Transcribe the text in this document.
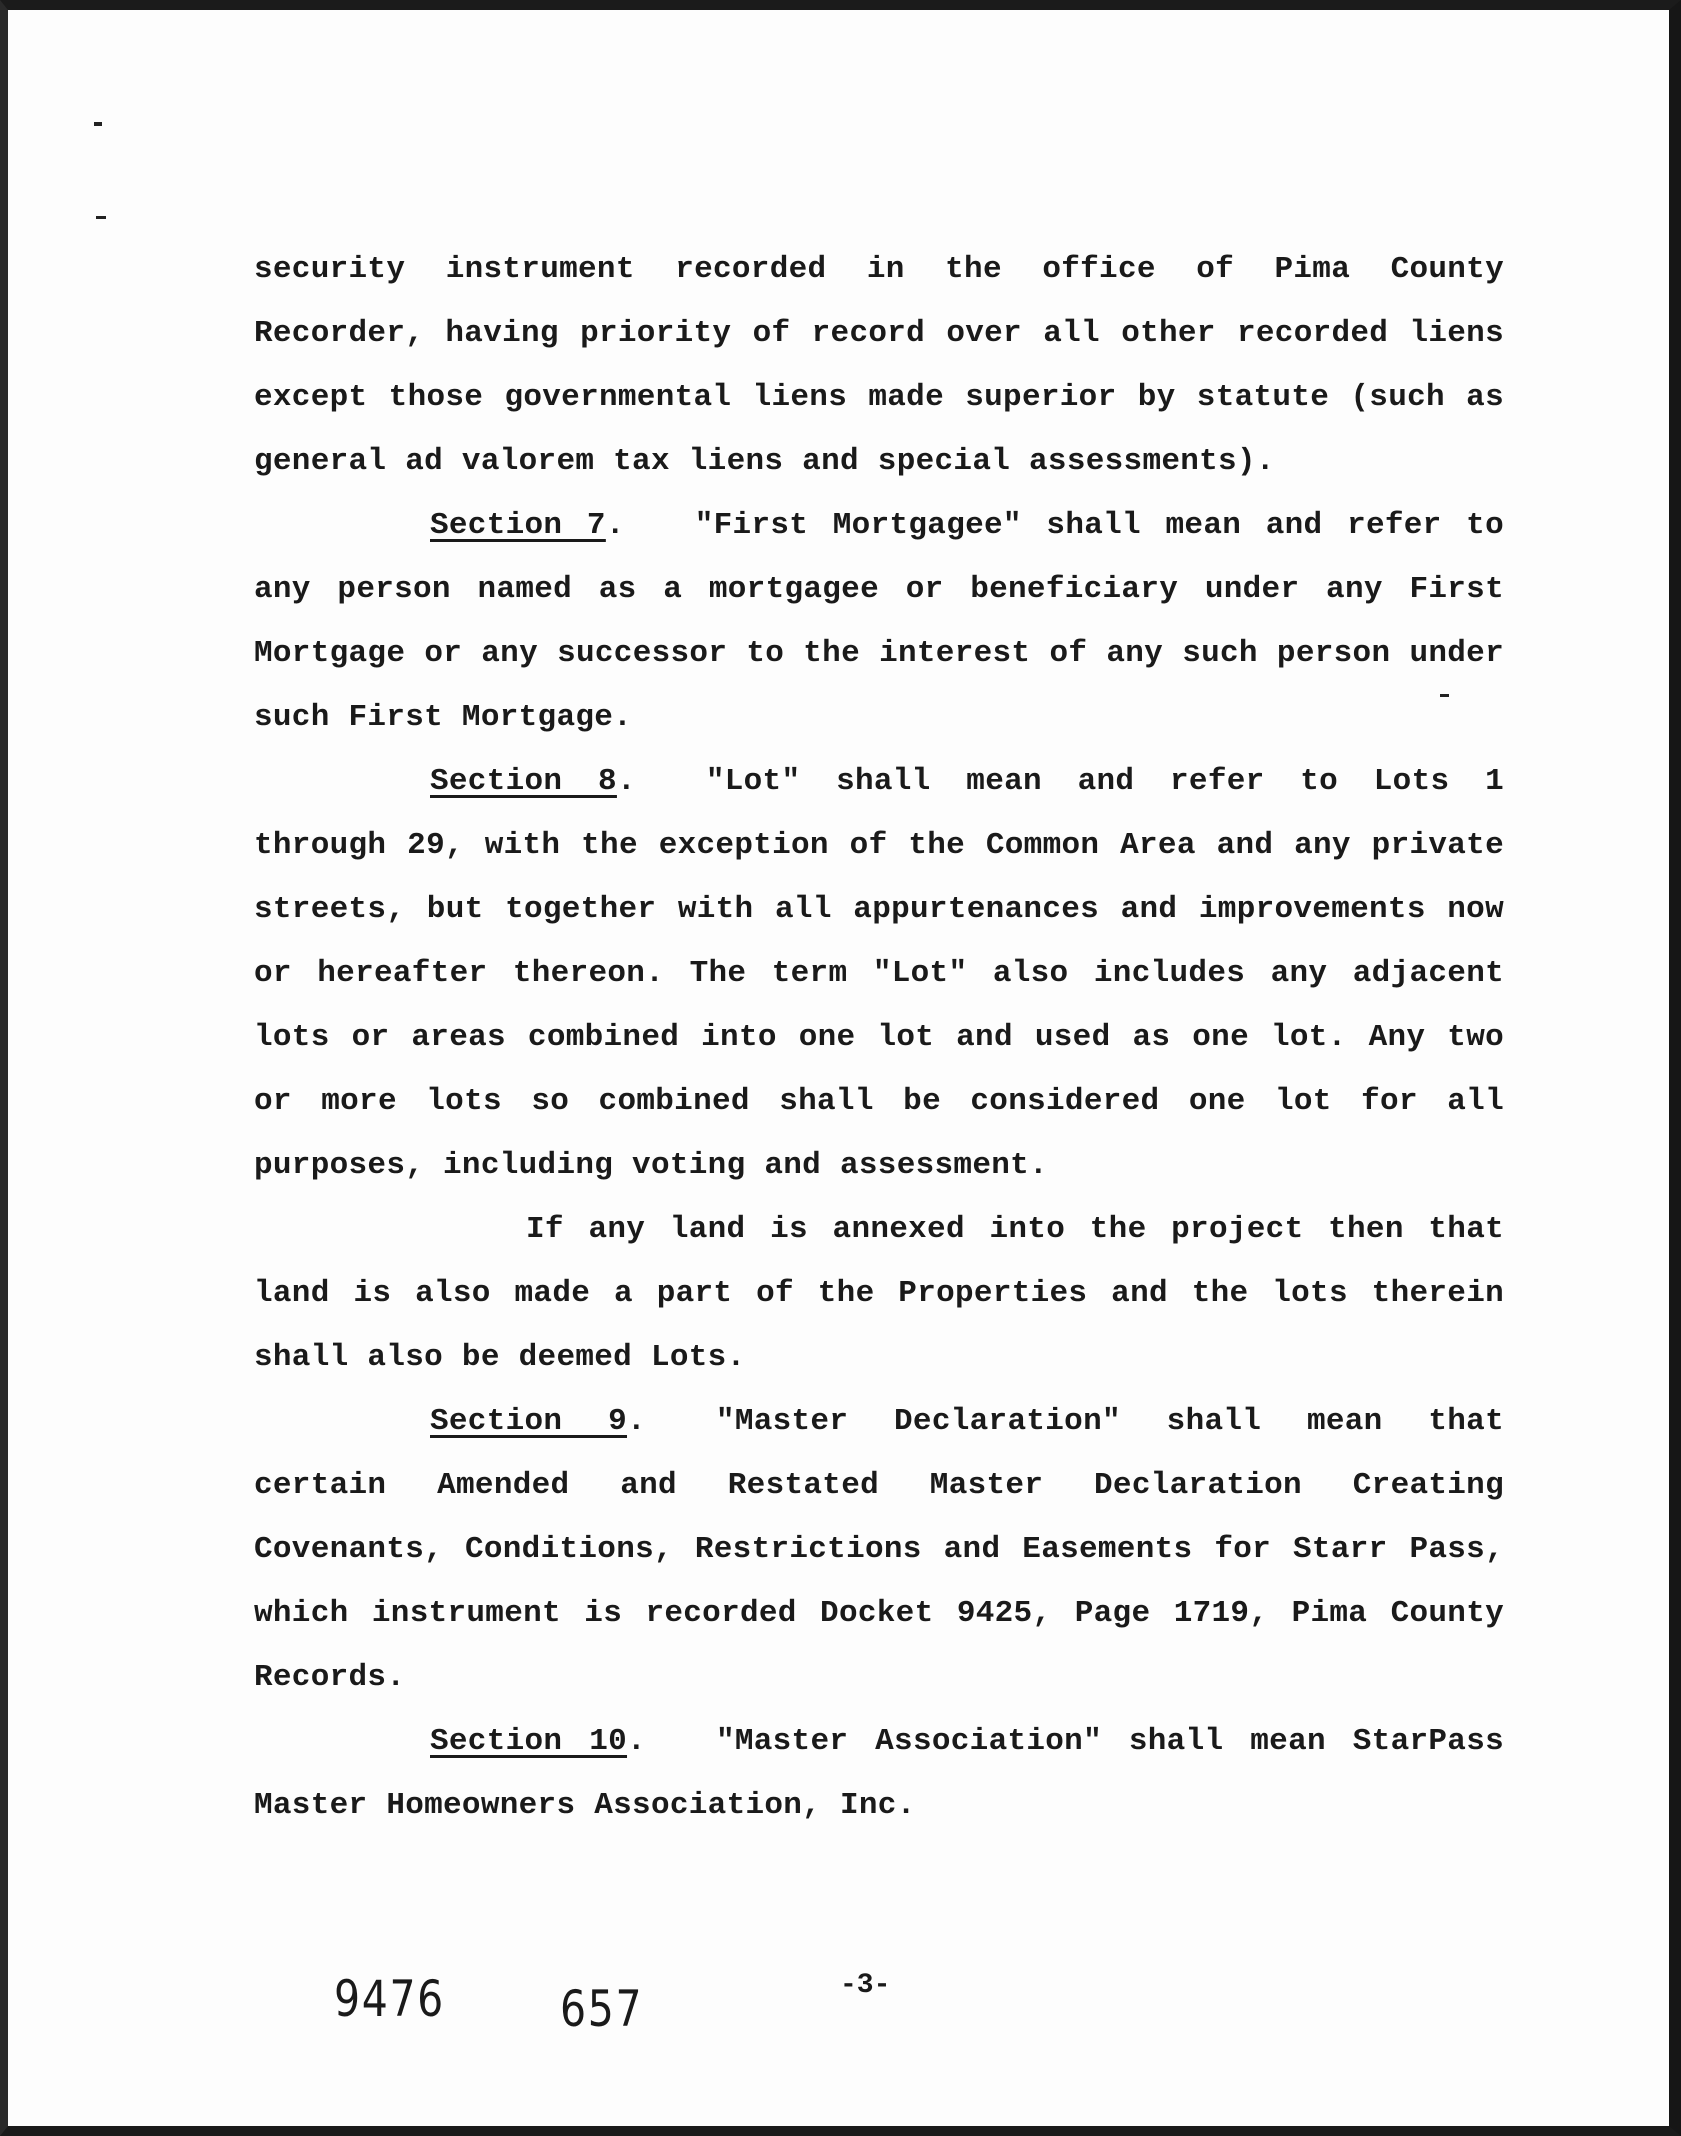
security instrument recorded in the office of Pima County Recorder, having priority of record over all other recorded liens except those governmental liens made superior by statute (such as general ad valorem tax liens and special assessments).

Section 7. "First Mortgagee" shall mean and refer to any person named as a mortgagee or beneficiary under any First Mortgage or any successor to the interest of any such person under such First Mortgage.

Section 8. "Lot" shall mean and refer to Lots 1 through 29, with the exception of the Common Area and any private streets, but together with all appurtenances and improvements now or hereafter thereon. The term "Lot" also includes any adjacent lots or areas combined into one lot and used as one lot. Any two or more lots so combined shall be considered one lot for all purposes, including voting and assessment.

If any land is annexed into the project then that land is also made a part of the Properties and the lots therein shall also be deemed Lots.

Section 9. "Master Declaration" shall mean that certain Amended and Restated Master Declaration Creating Covenants, Conditions, Restrictions and Easements for Starr Pass, which instrument is recorded Docket 9425, Page 1719, Pima County Records.

Section 10. "Master Association" shall mean StarPass Master Homeowners Association, Inc.

9476 657	-3-
